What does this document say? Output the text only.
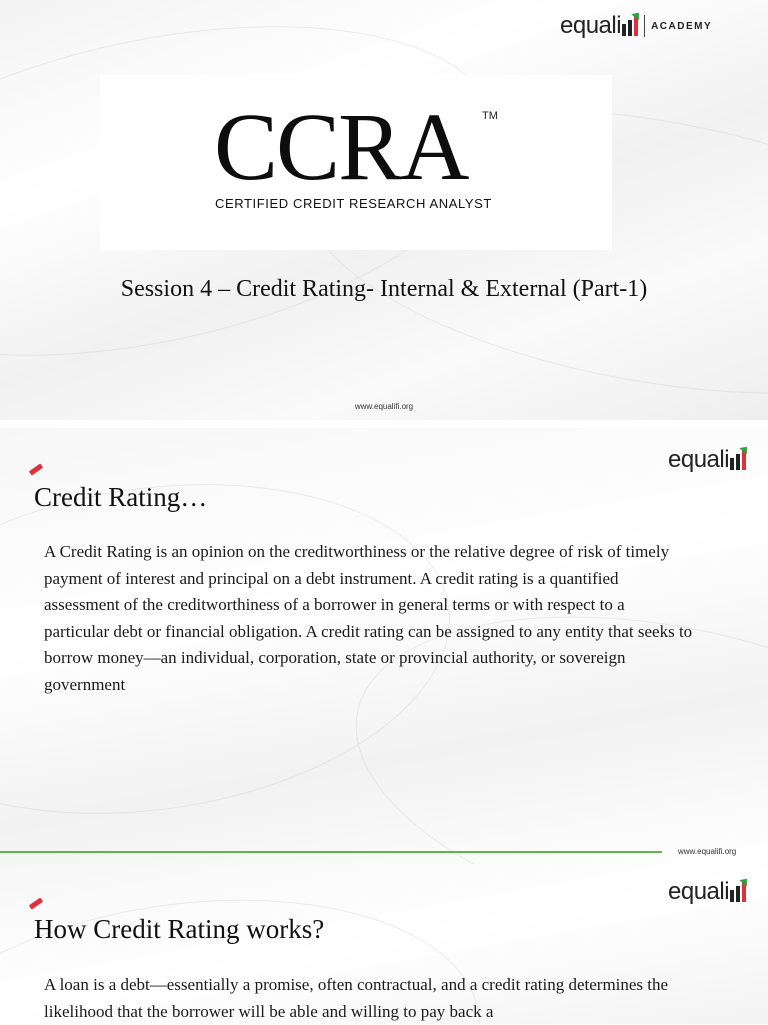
equali	ACADEMY
CCRA TM
CERTIFIED CREDIT RESEARCH ANALYST
Session 4 – Credit Rating- Internal & External (Part-1)
www.equalifi.org
equali
Credit Rating…
A Credit Rating is an opinion on the creditworthiness or the relative degree of risk of timely payment of interest and principal on a debt instrument. A credit rating is a quantified assessment of the creditworthiness of a borrower in general terms or with respect to a particular debt or financial obligation. A credit rating can be assigned to any entity that seeks to borrow money—an individual, corporation, state or provincial authority, or sovereign government
www.equalifi.org
equali
How Credit Rating works?
A loan is a debt—essentially a promise, often contractual, and a credit rating determines the likelihood that the borrower will be able and willing to pay back a
